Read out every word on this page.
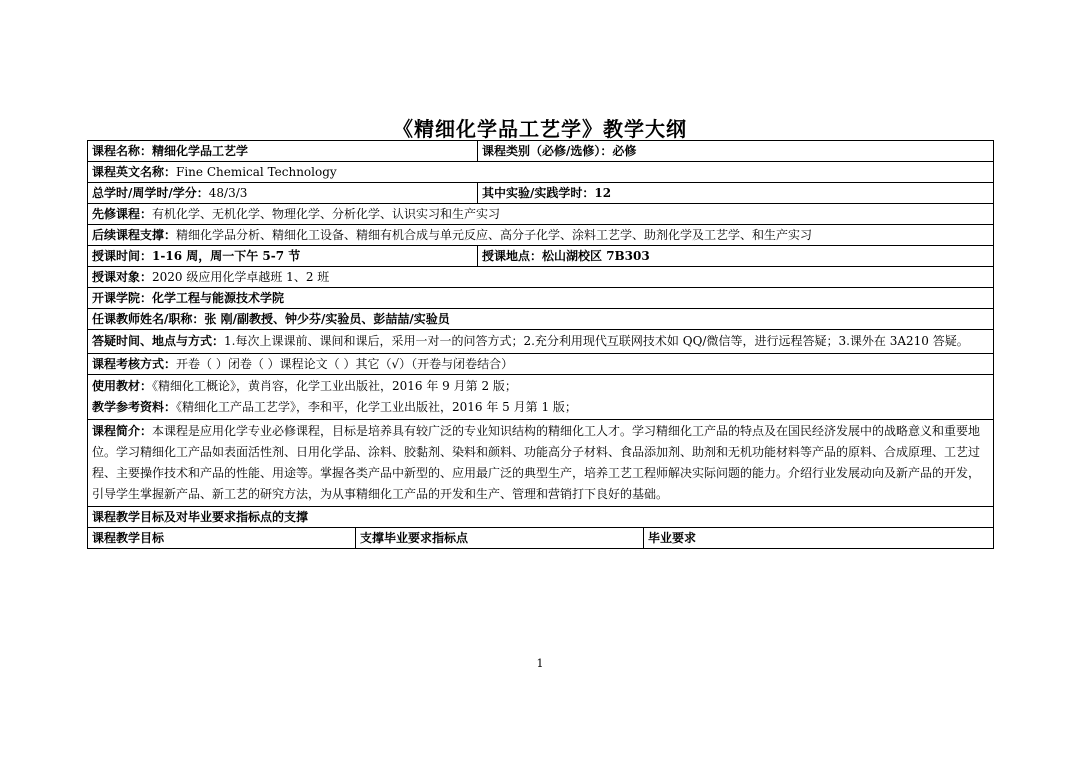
《精细化学品工艺学》教学大纲
课程名称：精细化学品工艺学		课程类别（必修/选修）：必修	
课程英文名称：Fine Chemical Technology			
总学时/周学时/学分：48/3/3		其中实验/实践学时：12	
先修课程：有机化学、无机化学、物理化学、分析化学、认识实习和生产实习			
后续课程支撑：精细化学品分析、精细化工设备、精细有机合成与单元反应、高分子化学、涂料工艺学、助剂化学及工艺学、和生产实习			
授课时间：1-16 周，周一下午 5-7 节		授课地点：松山湖校区 7B303	
授课对象：2020 级应用化学卓越班 1、2 班			
开课学院：化学工程与能源技术学院			
任课教师姓名/职称：张 刚/副教授、钟少芬/实验员、彭喆喆/实验员			
答疑时间、地点与方式：1.每次上课课前、课间和课后，采用一对一的问答方式；2.充分利用现代互联网技术如 QQ/微信等，进行远程答疑；3.课外在 3A210 答疑。			
课程考核方式：开卷（ ）闭卷（ ）课程论文（ ）其它（√）（开卷与闭卷结合）			

使用教材：《精细化工概论》，黄肖容，化学工业出版社，2016 年 9 月第 2 版；
教学参考资料：《精细化工产品工艺学》，李和平，化学工业出版社，2016 年 5 月第 1 版；			

课程简介：本课程是应用化学专业必修课程，目标是培养具有较广泛的专业知识结构的精细化工人才。学习精细化工产品的特点及在国民经济发展中的战略意义和重要地位。学习精细化工产品如表面活性剂、日用化学品、涂料、胶黏剂、染料和颜料、功能高分子材料、食品添加剂、助剂和无机功能材料等产品的原料、合成原理、工艺过程、主要操作技术和产品的性能、用途等。掌握各类产品中新型的、应用最广泛的典型生产，培养工艺工程师解决实际问题的能力。介绍行业发展动向及新产品的开发，引导学生掌握新产品、新工艺的研究方法，为从事精细化工产品的开发和生产、管理和营销打下良好的基础。			
课程教学目标及对毕业要求指标点的支撑			
课程教学目标	支撑毕业要求指标点		毕业要求
1
